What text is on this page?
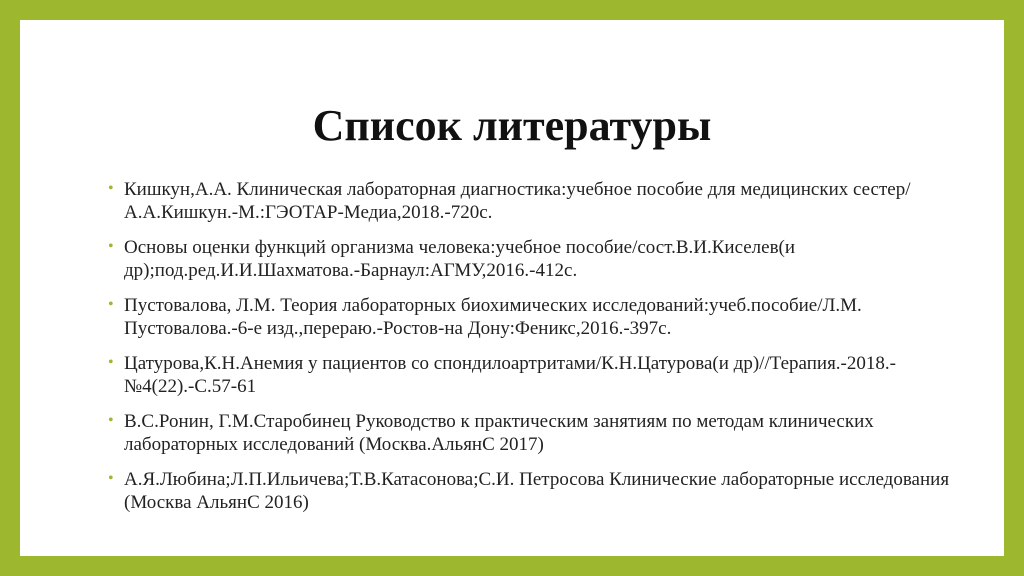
Список литературы
• Кишкун,А.А. Клиническая лабораторная диагностика:учебное пособие для медицинских сестер/А.А.Кишкун.-М.:ГЭОТАР-Медиа,2018.-720с.
• Основы оценки функций организма человека:учебное пособие/сост.В.И.Киселев(и др);под.ред.И.И.Шахматова.-Барнаул:АГМУ,2016.-412с.
• Пустовалова, Л.М. Теория лабораторных биохимических исследований:учеб.пособие/Л.М. Пустовалова.-6-е изд.,перераю.-Ростов-на Дону:Феникс,2016.-397с.
• Цатурова,К.Н.Анемия у пациентов со спондилоартритами/К.Н.Цатурова(и др)//Терапия.-2018.-№4(22).-С.57-61
• В.С.Ронин, Г.М.Старобинец Руководство к практическим занятиям по методам клинических лабораторных исследований (Москва.АльянС 2017)
• А.Я.Любина;Л.П.Ильичева;Т.В.Катасонова;С.И. Петросова Клинические лабораторные исследования (Москва АльянС 2016)
